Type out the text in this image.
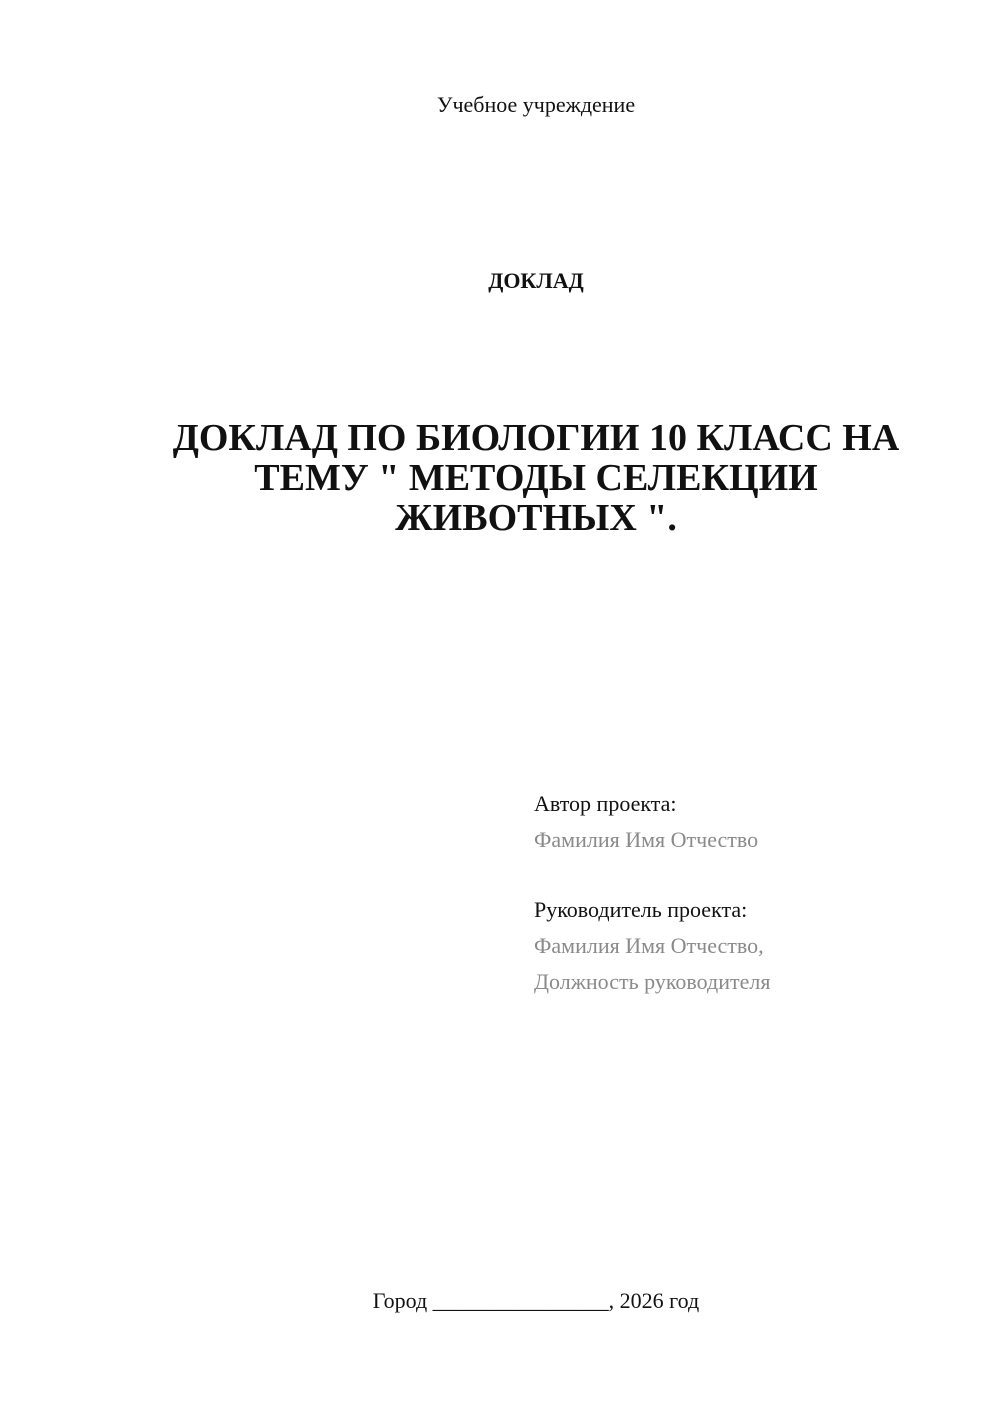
Учебное учреждение
ДОКЛАД
ДОКЛАД ПО БИОЛОГИИ 10 КЛАСС НА ТЕМУ " МЕТОДЫ СЕЛЕКЦИИ ЖИВОТНЫХ ".
Автор проекта:
Фамилия Имя Отчество
Руководитель проекта:
Фамилия Имя Отчество,
Должность руководителя
Город ________________, 2026 год
